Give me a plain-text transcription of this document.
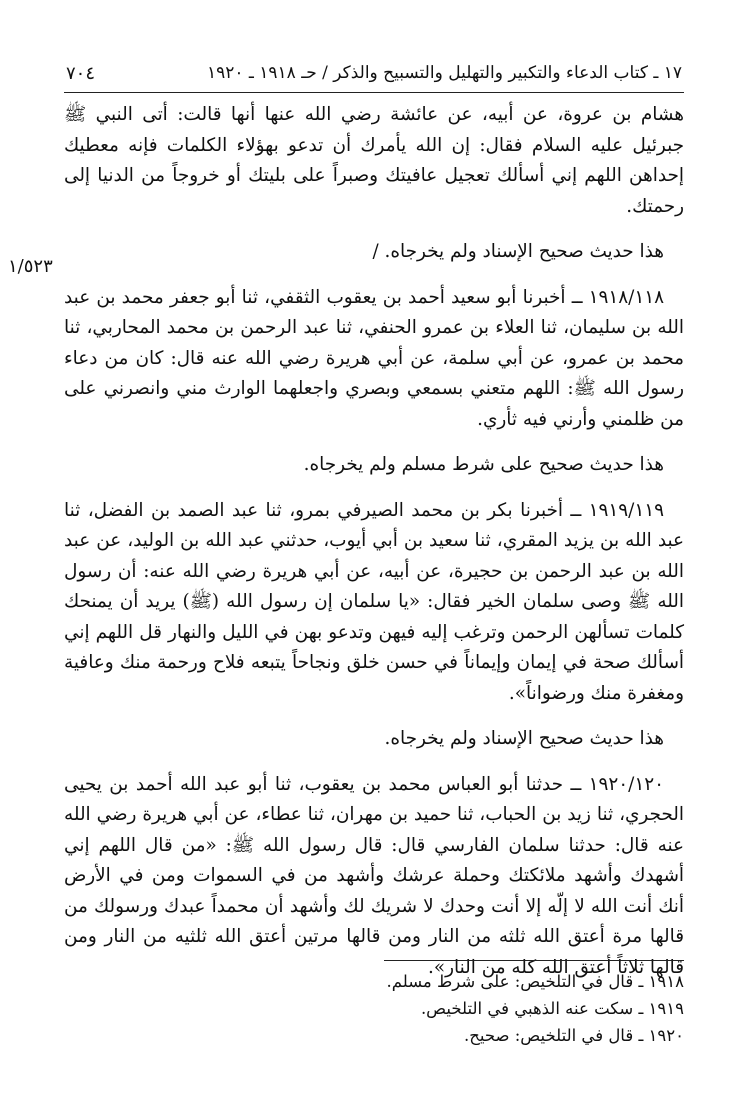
١٧ ـ كتاب الدعاء والتكبير والتهليل والتسبيح والذكر / حـ ١٩١٨ ـ ١٩٢٠
٧٠٤
١/٥٢٣

هشام بن عروة، عن أبيه، عن عائشة رضي الله عنها أنها قالت: أتى النبي ﷺ جبرئيل عليه السلام فقال: إن الله يأمرك أن تدعو بهؤلاء الكلمات فإنه معطيك إحداهن اللهم إني أسألك تعجيل عافيتك وصبراً على بليتك أو خروجاً من الدنيا إلى رحمتك.

هذا حديث صحيح الإسناد ولم يخرجاه. /

١٩١٨/١١٨ ــ أخبرنا أبو سعيد أحمد بن يعقوب الثقفي، ثنا أبو جعفر محمد بن عبد الله بن سليمان، ثنا العلاء بن عمرو الحنفي، ثنا عبد الرحمن بن محمد المحاربي، ثنا محمد بن عمرو، عن أبي سلمة، عن أبي هريرة رضي الله عنه قال: كان من دعاء رسول الله ﷺ: اللهم متعني بسمعي وبصري واجعلهما الوارث مني وانصرني على من ظلمني وأرني فيه ثأري.

هذا حديث صحيح على شرط مسلم ولم يخرجاه.

١٩١٩/١١٩ ــ أخبرنا بكر بن محمد الصيرفي بمرو، ثنا عبد الصمد بن الفضل، ثنا عبد الله بن يزيد المقري، ثنا سعيد بن أبي أيوب، حدثني عبد الله بن الوليد، عن عبد الله بن عبد الرحمن بن حجيرة، عن أبيه، عن أبي هريرة رضي الله عنه: أن رسول الله ﷺ وصى سلمان الخير فقال: «يا سلمان إن رسول الله (ﷺ) يريد أن يمنحك كلمات تسألهن الرحمن وترغب إليه فيهن وتدعو بهن في الليل والنهار قل اللهم إني أسألك صحة في إيمان وإيماناً في حسن خلق ونجاحاً يتبعه فلاح ورحمة منك وعافية ومغفرة منك ورضواناً».

هذا حديث صحيح الإسناد ولم يخرجاه.

١٩٢٠/١٢٠ ــ حدثنا أبو العباس محمد بن يعقوب، ثنا أبو عبد الله أحمد بن يحيى الحجري، ثنا زيد بن الحباب، ثنا حميد بن مهران، ثنا عطاء، عن أبي هريرة رضي الله عنه قال: حدثنا سلمان الفارسي قال: قال رسول الله ﷺ: «من قال اللهم إني أشهدك وأشهد ملائكتك وحملة عرشك وأشهد من في السموات ومن في الأرض أنك أنت الله لا إلّه إلا أنت وحدك لا شريك لك وأشهد أن محمداً عبدك ورسولك من قالها مرة أعتق الله ثلثه من النار ومن قالها مرتين أعتق الله ثلثيه من النار ومن قالها ثلاثاً أعتق الله كله من النار».

١٩١٨ ـ قال في التلخيص: على شرط مسلم.
١٩١٩ ـ سكت عنه الذهبي في التلخيص.
١٩٢٠ ـ قال في التلخيص: صحيح.
